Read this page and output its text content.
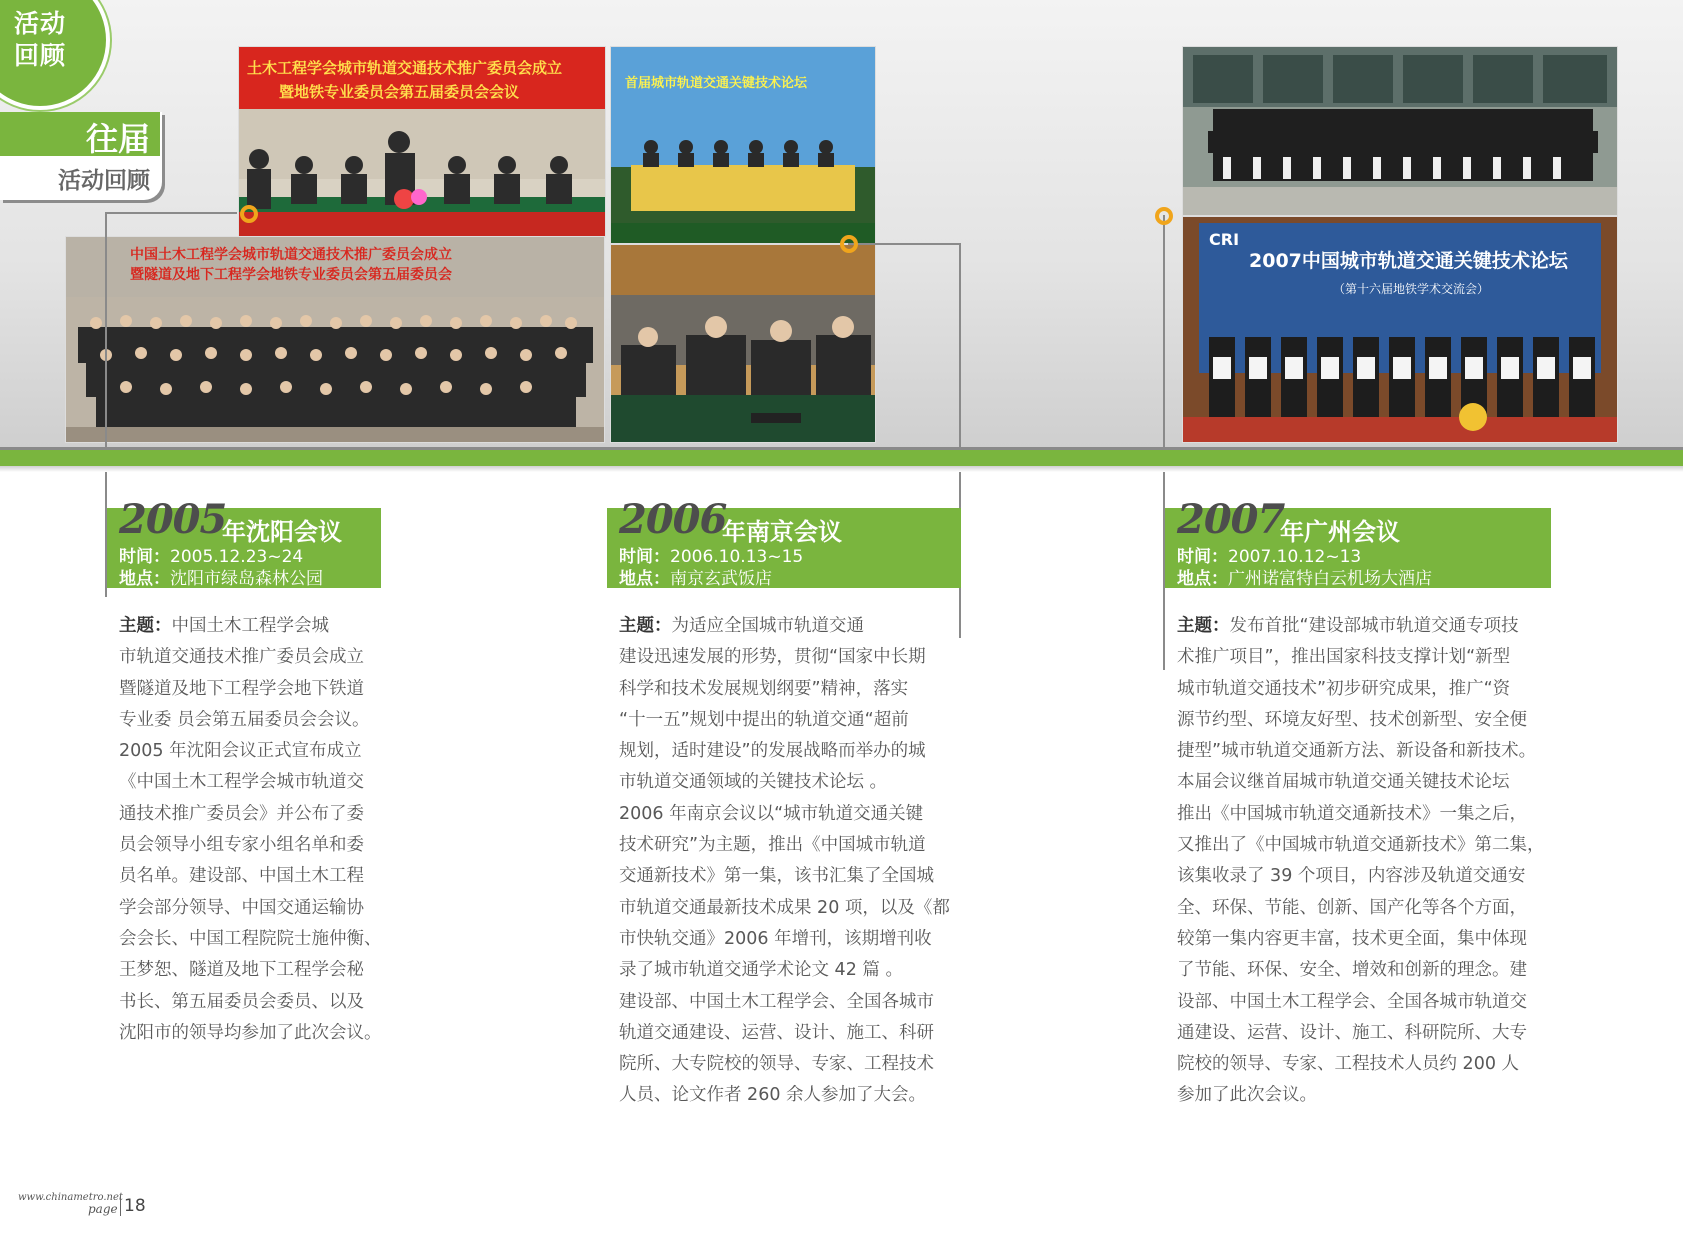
活动回顾
往届
活动回顾
土木工程学会城市轨道交通技术推广委员会成立
暨地铁专业委员会第五届委员会会议
中国土木工程学会城市轨道交通技术推广委员会成立
暨隧道及地下工程学会地铁专业委员会第五届委员会
首届城市轨道交通关键技术论坛
CRI
2007中国城市轨道交通关键技术论坛
（第十六届地铁学术交流会）
2005
年沈阳会议
时间：2005.12.23~24
地点：沈阳市绿岛森林公园
主题：中国土木工程学会城
市轨道交通技术推广委员会成立
暨隧道及地下工程学会地下铁道
专业委 员会第五届委员会会议。
2005 年沈阳会议正式宣布成立
《中国土木工程学会城市轨道交
通技术推广委员会》并公布了委
员会领导小组专家小组名单和委
员名单。建设部、中国土木工程
学会部分领导、中国交通运输协
会会长、中国工程院院士施仲衡、
王梦恕、隧道及地下工程学会秘
书长、第五届委员会委员、以及
沈阳市的领导均参加了此次会议。
2006
年南京会议
时间：2006.10.13~15
地点：南京玄武饭店
主题：为适应全国城市轨道交通
建设迅速发展的形势，贯彻“国家中长期
科学和技术发展规划纲要”精神，落实
“十一五”规划中提出的轨道交通“超前
规划，适时建设”的发展战略而举办的城
市轨道交通领域的关键技术论坛 。
2006 年南京会议以“城市轨道交通关键
技术研究”为主题，推出《中国城市轨道
交通新技术》第一集，该书汇集了全国城
市轨道交通最新技术成果 20 项，以及《都
市快轨交通》2006 年增刊，该期增刊收
录了城市轨道交通学术论文 42 篇 。
建设部、中国土木工程学会、全国各城市
轨道交通建设、运营、设计、施工、科研
院所、大专院校的领导、专家、工程技术
人员、论文作者 260 余人参加了大会。
2007
年广州会议
时间：2007.10.12~13
地点：广州诺富特白云机场大酒店
主题：发布首批“建设部城市轨道交通专项技
术推广项目”，推出国家科技支撑计划“新型
城市轨道交通技术”初步研究成果，推广“资
源节约型、环境友好型、技术创新型、安全便
捷型”城市轨道交通新方法、新设备和新技术。
本届会议继首届城市轨道交通关键技术论坛
推出《中国城市轨道交通新技术》一集之后，
又推出了《中国城市轨道交通新技术》第二集，
该集收录了 39 个项目，内容涉及轨道交通安
全、环保、节能、创新、国产化等各个方面，
较第一集内容更丰富，技术更全面，集中体现
了节能、环保、安全、增效和创新的理念。建
设部、中国土木工程学会、全国各城市轨道交
通建设、运营、设计、施工、科研院所、大专
院校的领导、专家、工程技术人员约 200 人
参加了此次会议。
www.chinametro.net
page 18
